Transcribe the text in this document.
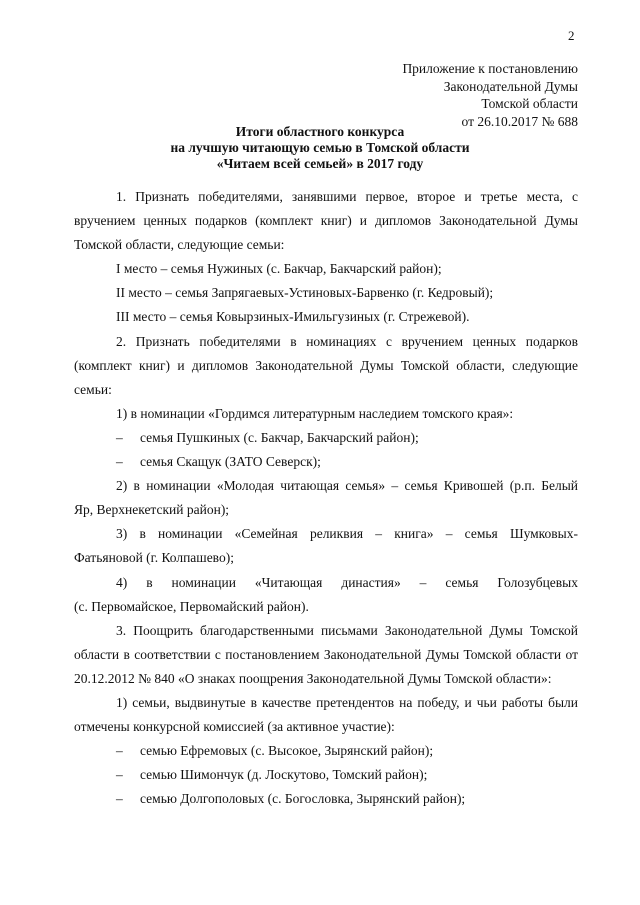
2
Приложение к постановлению
Законодательной Думы
Томской области
от 26.10.2017 № 688
Итоги областного конкурса
на лучшую читающую семью в Томской области
«Читаем всей семьей» в 2017 году

1. Признать победителями, занявшими первое, второе и третье места, с вручением ценных подарков (комплект книг) и дипломов Законодательной Думы Томской области, следующие семьи:

I место – семья Нужиных (с. Бакчар, Бакчарский район);

II место – семья Запрягаевых-Устиновых-Барвенко (г. Кедровый);

III место – семья Ковырзиных-Имильгузиных (г. Стрежевой).

2. Признать победителями в номинациях с вручением ценных подарков (комплект книг) и дипломов Законодательной Думы Томской области, следующие семьи:

1) в номинации «Гордимся литературным наследием томского края»:

– семья Пушкиных (с. Бакчар, Бакчарский район);

– семья Скащук (ЗАТО Северск);

2) в номинации «Молодая читающая семья» – семья Кривошей (р.п. Белый

Яр, Верхнекетский район);

3) в номинации «Семейная реликвия – книга» – семья Шумковых-

Фатьяновой (г. Колпашево);

4) в номинации «Читающая династия» – семья Голозубцевых

(с. Первомайское, Первомайский район).

3. Поощрить благодарственными письмами Законодательной Думы Томской области в соответствии с постановлением Законодательной Думы Томской области от 20.12.2012 № 840 «О знаках поощрения Законодательной Думы Томской области»:

1) семьи, выдвинутые в качестве претендентов на победу, и чьи работы были отмечены конкурсной комиссией (за активное участие):

– семью Ефремовых (с. Высокое, Зырянский район);

– семью Шимончук (д. Лоскутово, Томский район);

– семью Долгополовых (с. Богословка, Зырянский район);
